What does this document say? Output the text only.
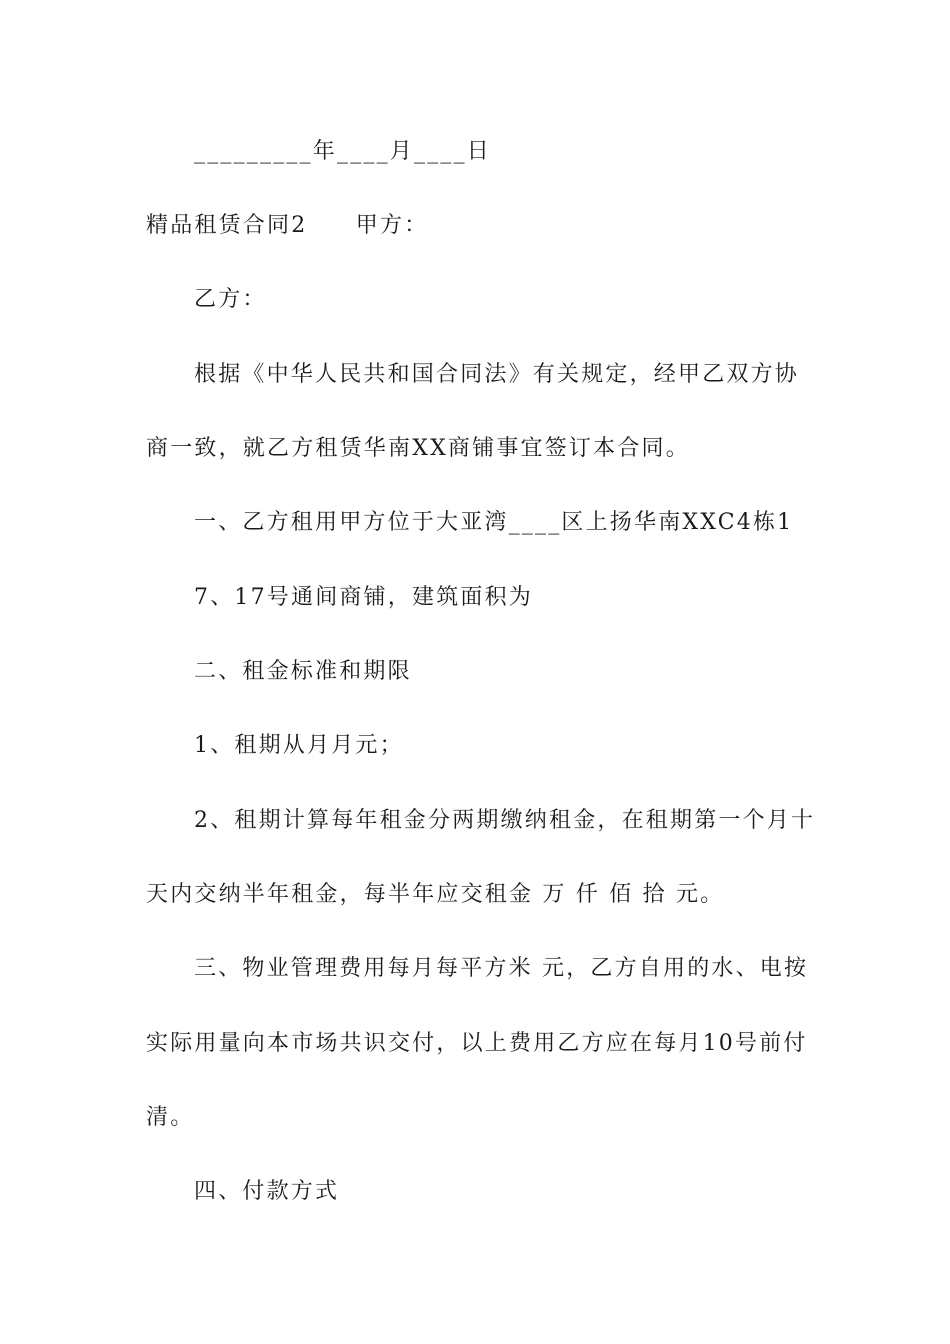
_________年____月____日
精品租赁合同2　　甲方：
乙方：
根据《中华人民共和国合同法》有关规定，经甲乙双方协
商一致，就乙方租赁华南XX商铺事宜签订本合同。
一、乙方租用甲方位于大亚湾____区上扬华南XXC4栋1
7、17号通间商铺，建筑面积为
二、租金标准和期限
1、租期从月月元；
2、租期计算每年租金分两期缴纳租金，在租期第一个月十
天内交纳半年租金，每半年应交租金 万 仟 佰 拾 元。
三、物业管理费用每月每平方米 元，乙方自用的水、电按
实际用量向本市场共识交付，以上费用乙方应在每月10号前付
清。
四、付款方式
